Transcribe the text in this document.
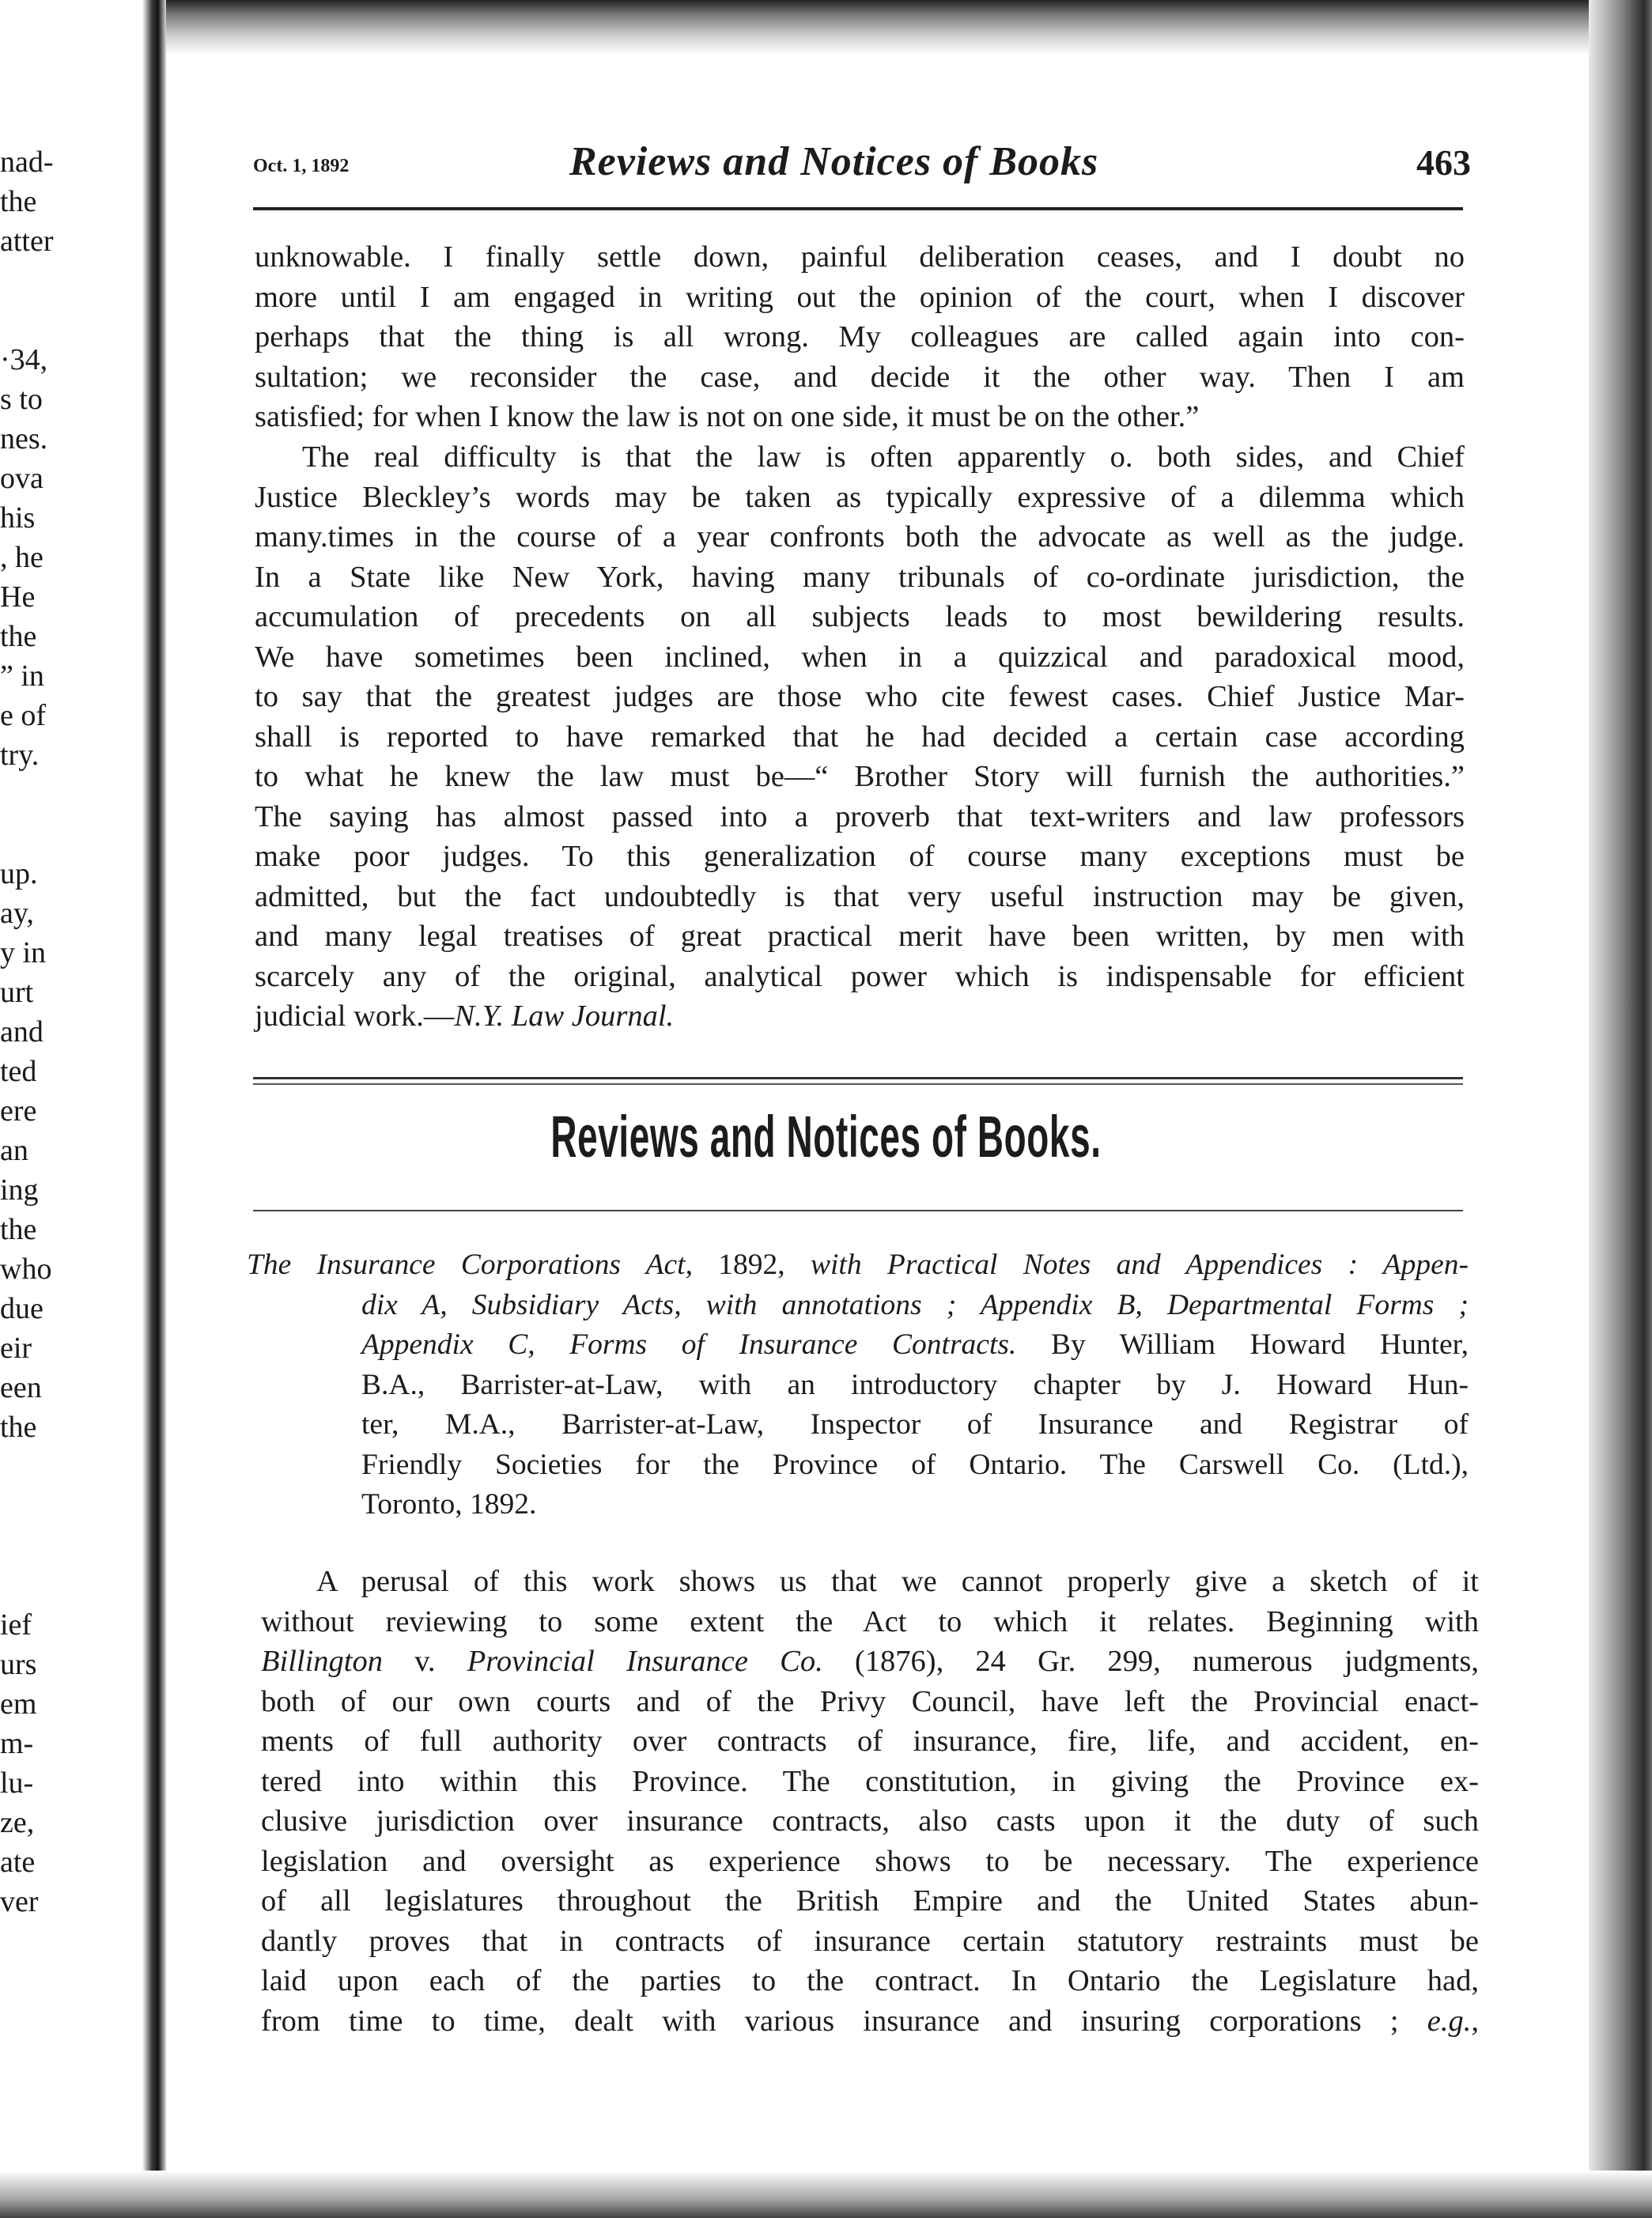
nad-
the
atter
·34,
s to
nes.
ova
his
, he
He
the
” in
e of
try.
up.
ay,
y in
urt
and
ted
ere
an
ing
the
who
due
eir
een
the
ief
urs
em
m-
lu-
ze,
ate
ver
Oct. 1, 1892	Reviews and Notices of Books	463
unknowable. I finally settle down, painful deliberation ceases, and I doubt no
more until I am engaged in writing out the opinion of the court, when I discover
perhaps that the thing is all wrong. My colleagues are called again into con-
sultation; we reconsider the case, and decide it the other way. Then I am
satisfied; for when I know the law is not on one side, it must be on the other.”
The real difficulty is that the law is often apparently o. both sides, and Chief
Justice Bleckley’s words may be taken as typically expressive of a dilemma which
many.times in the course of a year confronts both the advocate as well as the judge.
In a State like New York, having many tribunals of co-ordinate jurisdiction, the
accumulation of precedents on all subjects leads to most bewildering results.
We have sometimes been inclined, when in a quizzical and paradoxical mood,
to say that the greatest judges are those who cite fewest cases. Chief Justice Mar-
shall is reported to have remarked that he had decided a certain case according
to what he knew the law must be—“ Brother Story will furnish the authorities.”
The saying has almost passed into a proverb that text-writers and law professors
make poor judges. To this generalization of course many exceptions must be
admitted, but the fact undoubtedly is that very useful instruction may be given,
and many legal treatises of great practical merit have been written, by men with
scarcely any of the original, analytical power which is indispensable for efficient
judicial work.—N.Y. Law Journal.
Reviews and Notices of Books.
The Insurance Corporations Act, 1892, with Practical Notes and Appendices : Appen-
dix A, Subsidiary Acts, with annotations ; Appendix B, Departmental Forms ;
Appendix C, Forms of Insurance Contracts. By William Howard Hunter,
B.A., Barrister-at-Law, with an introductory chapter by J. Howard Hun-
ter, M.A., Barrister-at-Law, Inspector of Insurance and Registrar of
Friendly Societies for the Province of Ontario. The Carswell Co. (Ltd.),
Toronto, 1892.
A perusal of this work shows us that we cannot properly give a sketch of it
without reviewing to some extent the Act to which it relates. Beginning with
Billington v. Provincial Insurance Co. (1876), 24 Gr. 299, numerous judgments,
both of our own courts and of the Privy Council, have left the Provincial enact-
ments of full authority over contracts of insurance, fire, life, and accident, en-
tered into within this Province. The constitution, in giving the Province ex-
clusive jurisdiction over insurance contracts, also casts upon it the duty of such
legislation and oversight as experience shows to be necessary. The experience
of all legislatures throughout the British Empire and the United States abun-
dantly proves that in contracts of insurance certain statutory restraints must be
laid upon each of the parties to the contract. In Ontario the Legislature had,
from time to time, dealt with various insurance and insuring corporations ; e.g.,
